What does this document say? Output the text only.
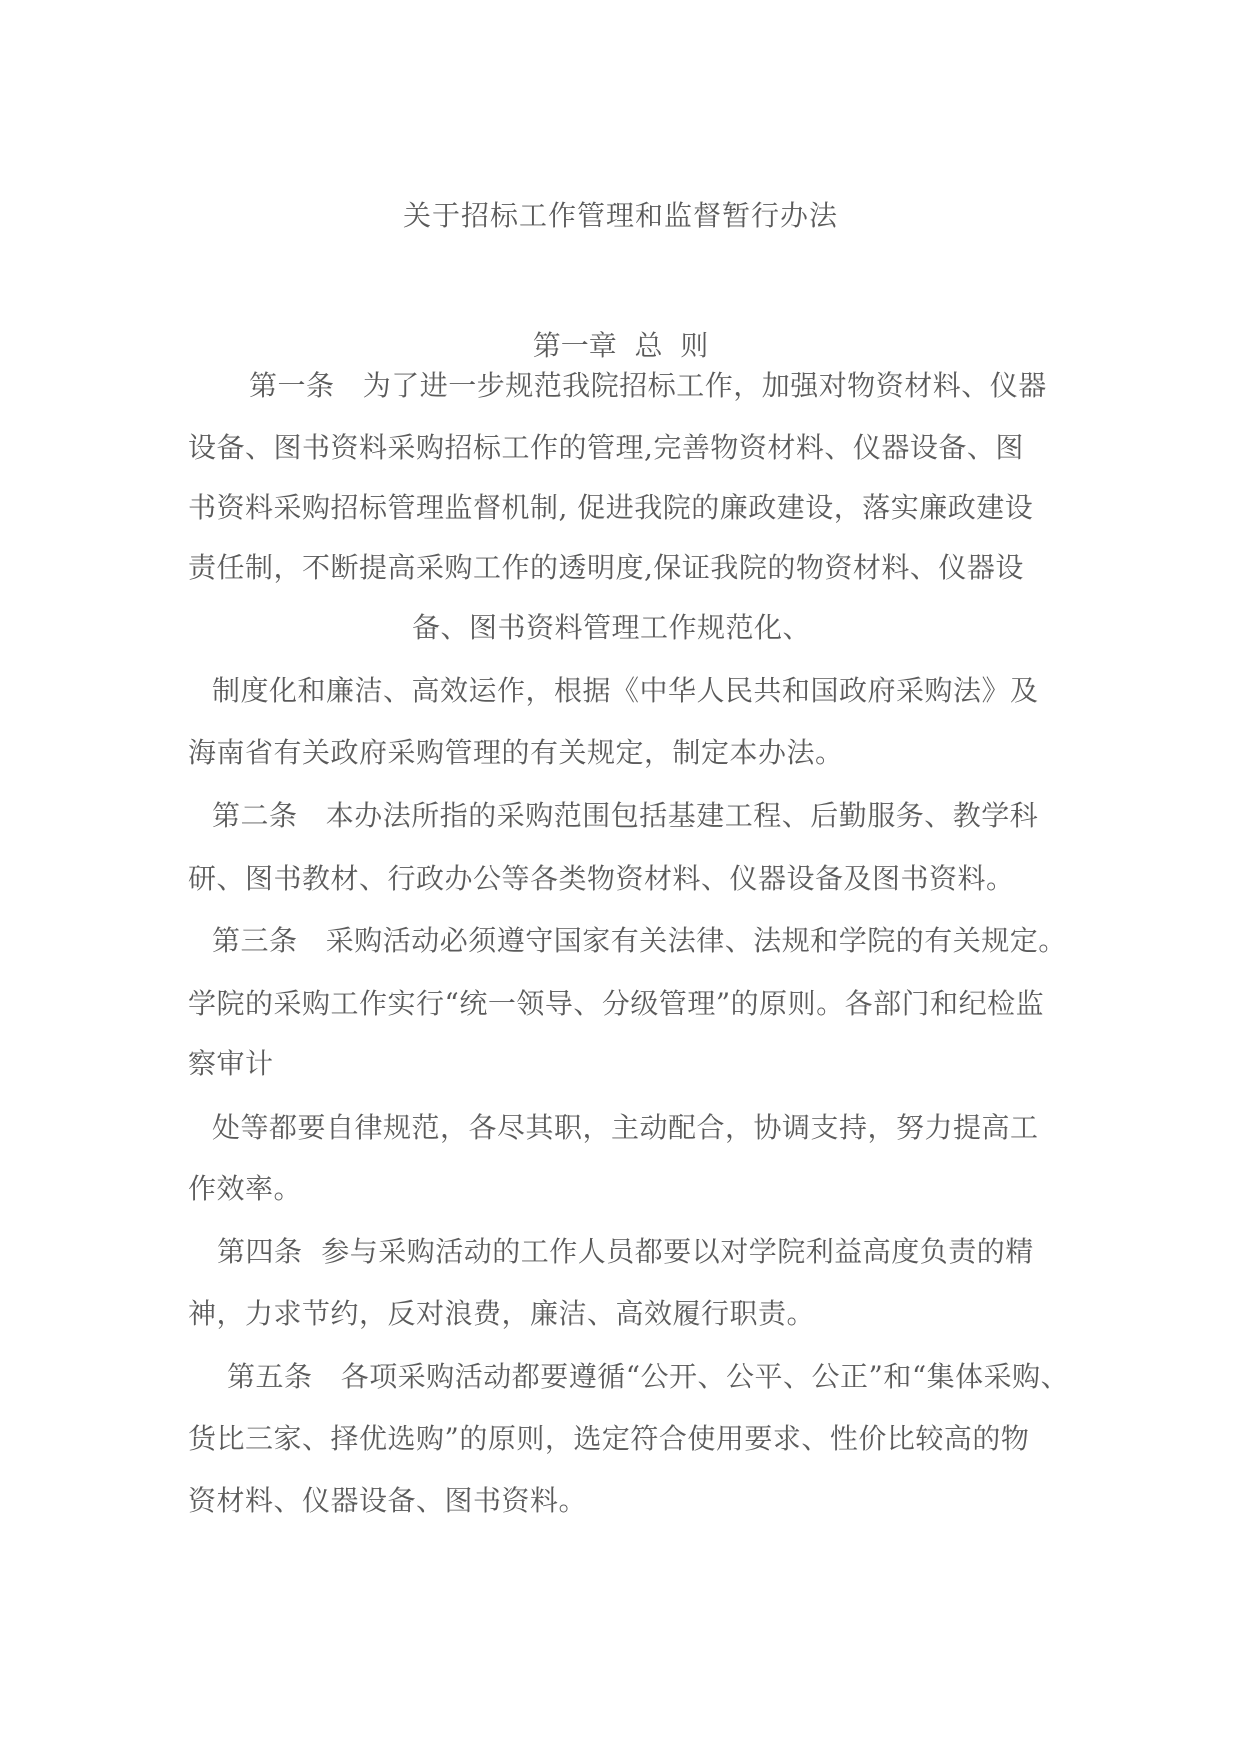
关于招标工作管理和监督暂行办法
第一章  总  则
第一条   为了进一步规范我院招标工作，加强对物资材料、仪器
设备、图书资料采购招标工作的管理,完善物资材料、仪器设备、图
书资料采购招标管理监督机制, 促进我院的廉政建设，落实廉政建设
责任制，不断提高采购工作的透明度,保证我院的物资材料、仪器设
备、图书资料管理工作规范化、
制度化和廉洁、高效运作，根据《中华人民共和国政府采购法》及
海南省有关政府采购管理的有关规定，制定本办法。
第二条   本办法所指的采购范围包括基建工程、后勤服务、教学科
研、图书教材、行政办公等各类物资材料、仪器设备及图书资料。
第三条   采购活动必须遵守国家有关法律、法规和学院的有关规定。
学院的采购工作实行“统一领导、分级管理”的原则。各部门和纪检监
察审计
处等都要自律规范，各尽其职，主动配合，协调支持，努力提高工
作效率。
第四条  参与采购活动的工作人员都要以对学院利益高度负责的精
神，力求节约，反对浪费，廉洁、高效履行职责。
第五条   各项采购活动都要遵循“公开、公平、公正”和“集体采购、
货比三家、择优选购”的原则，选定符合使用要求、性价比较高的物
资材料、仪器设备、图书资料。
